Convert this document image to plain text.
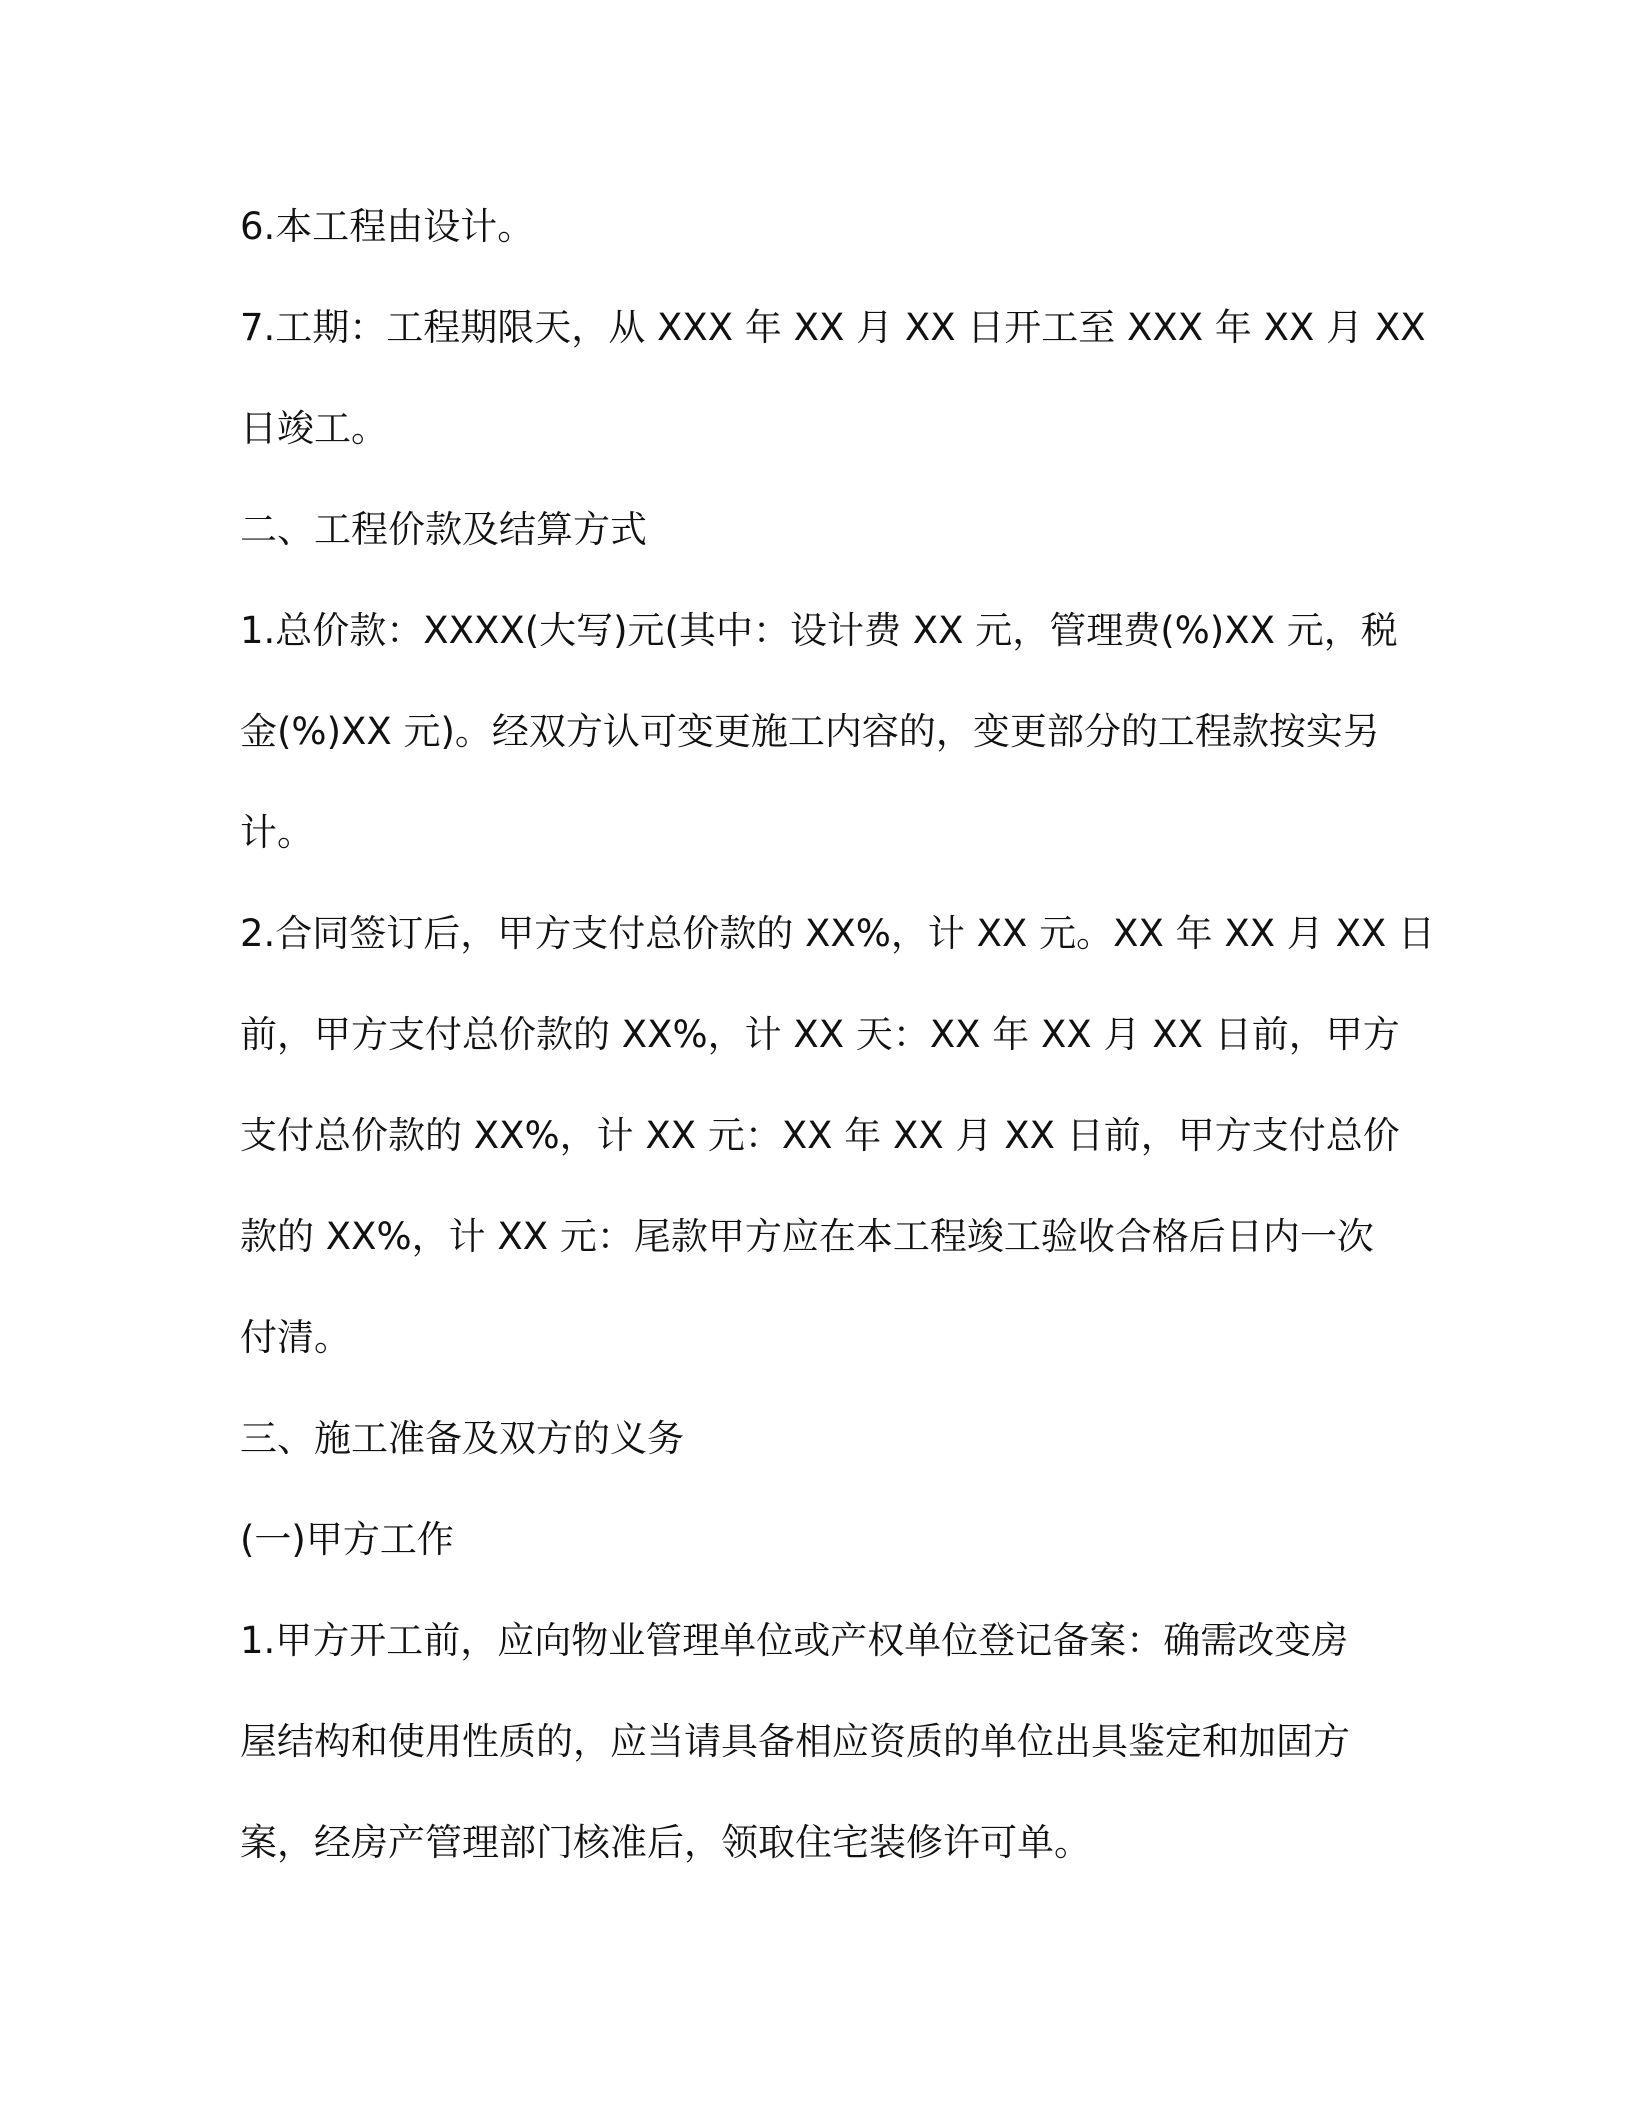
6.本工程由设计。

7.工期：工程期限天，从 XXX 年 XX 月 XX 日开工至 XXX 年 XX 月 XX

日竣工。

二、工程价款及结算方式

1.总价款：XXXX(大写)元(其中：设计费 XX 元，管理费(%)XX 元，税

金(%)XX 元)。经双方认可变更施工内容的，变更部分的工程款按实另

计。

2.合同签订后，甲方支付总价款的 XX%，计 XX 元。XX 年 XX 月 XX 日

前，甲方支付总价款的 XX%，计 XX 天：XX 年 XX 月 XX 日前，甲方

支付总价款的 XX%，计 XX 元：XX 年 XX 月 XX 日前，甲方支付总价

款的 XX%，计 XX 元：尾款甲方应在本工程竣工验收合格后日内一次

付清。

三、施工准备及双方的义务

(一)甲方工作

1.甲方开工前，应向物业管理单位或产权单位登记备案：确需改变房

屋结构和使用性质的，应当请具备相应资质的单位出具鉴定和加固方

案，经房产管理部门核准后，领取住宅装修许可单。
